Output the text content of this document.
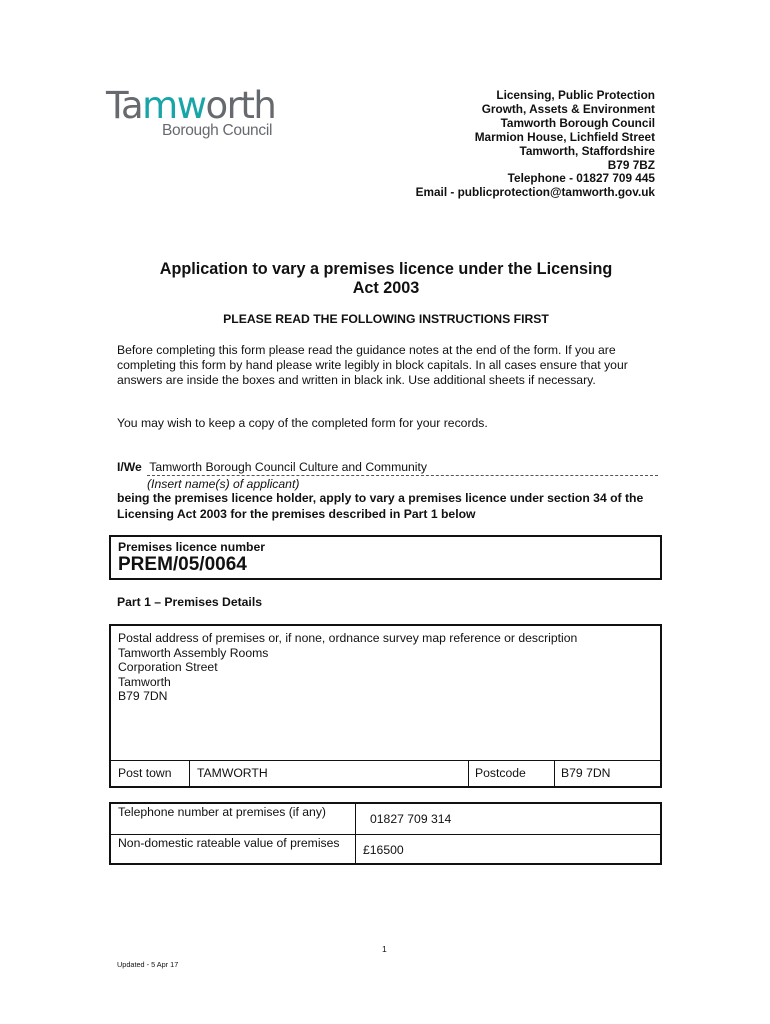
Tamworth
Borough Council
Licensing, Public Protection
Growth, Assets & Environment
Tamworth Borough Council
Marmion House, Lichfield Street
Tamworth, Staffordshire
B79 7BZ
Telephone - 01827 709 445
Email - publicprotection@tamworth.gov.uk
Application to vary a premises licence under the Licensing
Act 2003
PLEASE READ THE FOLLOWING INSTRUCTIONS FIRST
Before completing this form please read the guidance notes at the end of the form. If you are completing this form by hand please write legibly in block capitals. In all cases ensure that your answers are inside the boxes and written in black ink. Use additional sheets if necessary.
You may wish to keep a copy of the completed form for your records.
I/We Tamworth Borough Council Culture and Community
(Insert name(s) of applicant)
being the premises licence holder, apply to vary a premises licence under section 34 of the Licensing Act 2003 for the premises described in Part 1 below
Premises licence number
PREM/05/0064
Part 1 – Premises Details
Postal address of premises or, if none, ordnance survey map reference or description
Tamworth Assembly Rooms
Corporation Street
Tamworth
B79 7DN
Post town TAMWORTH	Postcode	B79 7DN
Telephone number at premises (if any)	01827 709 314
Non-domestic rateable value of premises	£16500
1
Updated - 5 Apr 17
